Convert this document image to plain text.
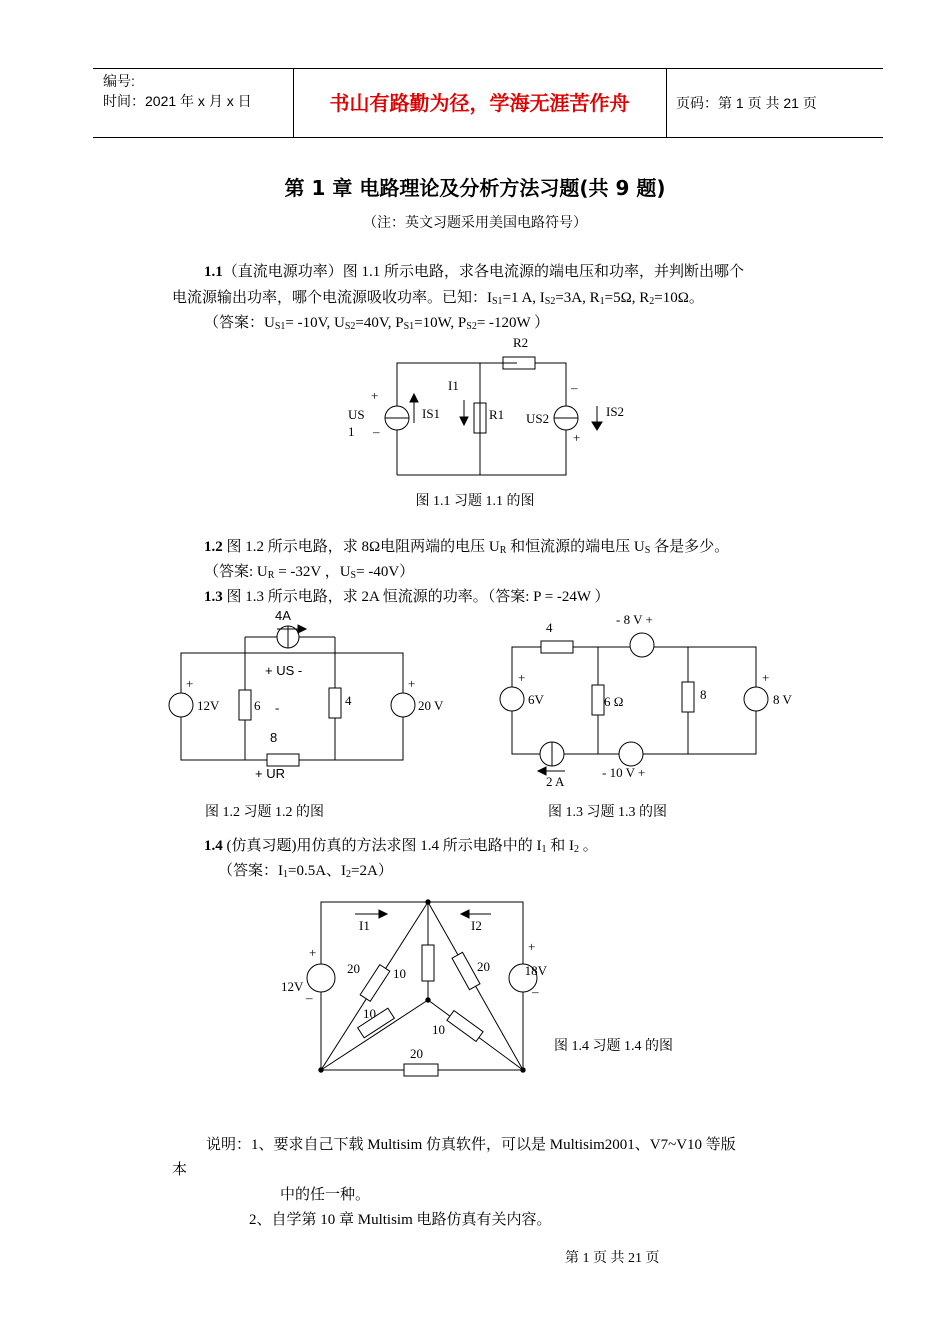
编号:
时间：2021 年 x 月 x 日	书山有路勤为径，学海无涯苦作舟	页码：第 1 页 共 21 页
第 1 章 电路理论及分析方法习题(共 9 题)
（注：英文习题采用美国电路符号）
1.1（直流电源功率）图 1.1 所示电路，求各电流源的端电压和功率，并判断出哪个
电流源输出功率，哪个电流源吸收功率。已知：$I_{S1}=1$ A, $I_{S2}=3A$, $R_1=5\Omega$, $R_2=10\Omega$。
（答案：$U_{S1}= -10V$, $U_{S2}=40V$, $P_{S1}=10W$, $P_{S2}= -120W$ ）
R2
I1
R1
IS1	IS2
US
1
US2
+
–
–
+
图 1.1 习题 1.1 的图
1.2 图 1.2 所示电路，求 8Ω电阻两端的电压 $U_R$ 和恒流源的端电压 $U_S$ 各是多少。
（答案: $U_R = -32V$ ，$U_S= -40V$）
1.3 图 1.3 所示电路，求 2A 恒流源的功率。（答案: P = -24W ）
4A
+ US -
12V	6 -	4	20 V
8
+ UR
+	+
图 1.2 习题 1.2 的图
4
- 8 V +
6V	6 Ω	8	8 V
2 A
- 10 V +
+	+
图 1.3 习题 1.3 的图
1.4 (仿真习题)用仿真的方法求图 1.4 所示电路中的 $I_1$ 和 $I_2$ 。
（答案：$I_1=0.5A$、$I_2=2A$）
I1	I2
12V
18V
20	10	20
10
10
20
+
–
+
–
图 1.4 习题 1.4 的图
说明：1、要求自己下载 Multisim 仿真软件，可以是 Multisim2001、V7~V10 等版
本
中的任一种。
2、自学第 10 章 Multisim 电路仿真有关内容。
第 1 页 共 21 页
